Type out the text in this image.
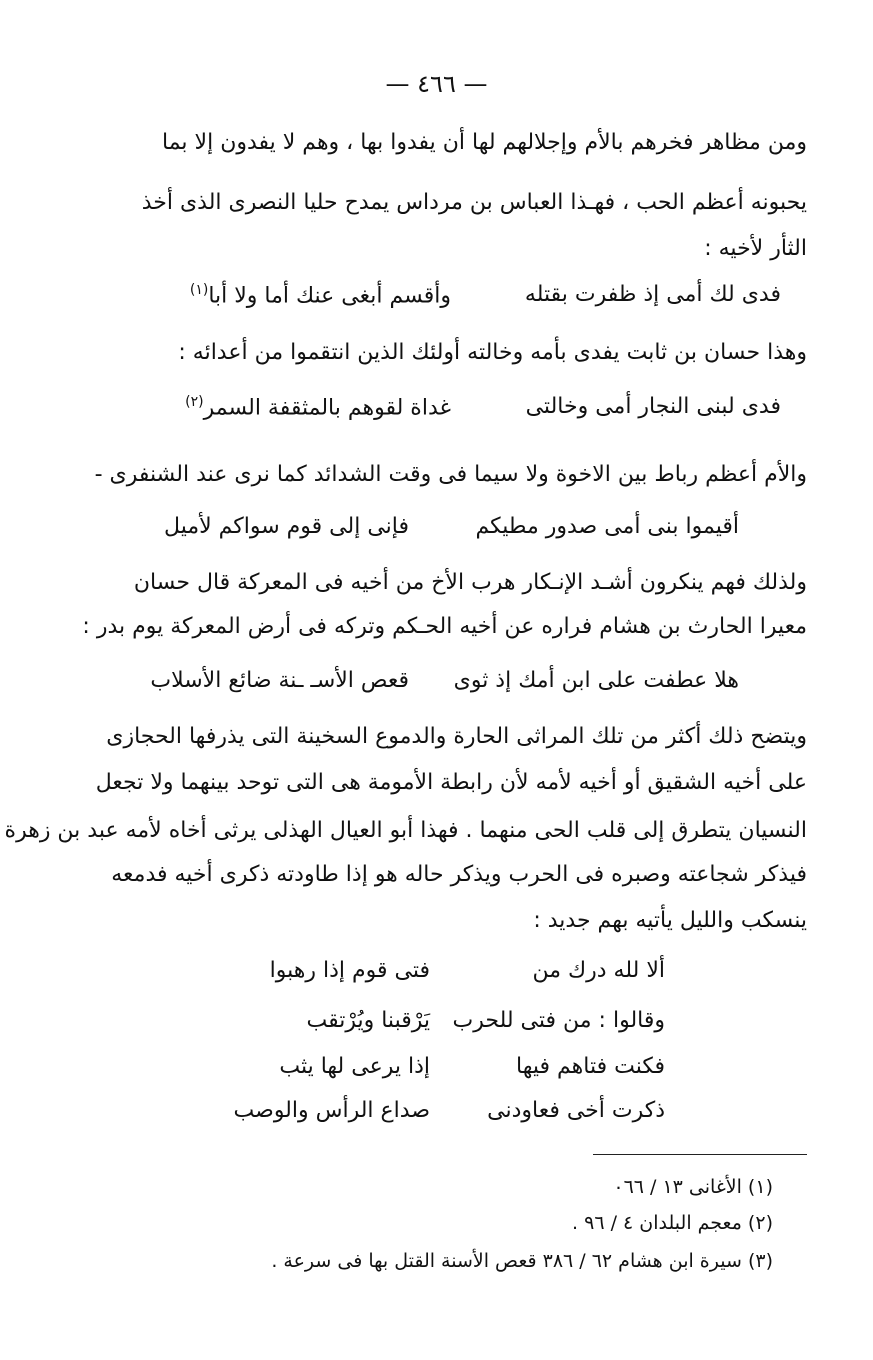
— ٤٦٦ —
ومن مظاهر فخرهم بالأم وإجلالهم لها أن يفدوا بها ، وهم لا يفدون إلا بما
يحبونه أعظم الحب ، فهـذا العباس بن مرداس يمدح حليا النصرى الذى أخذ
الثأر لأخيه :
فدى لك أمى إذ ظفرت بقتله
وأقسم أبغى عنك أما ولا أبا$^{(١)}$
وهذا حسان بن ثابت يفدى بأمه وخالته أولئك الذين انتقموا من أعدائه :
فدى لبنى النجار أمى وخالتى
غداة لقوهم بالمثقفة السمر$^{(٢)}$
والأم أعظم رباط بين الاخوة ولا سيما فى وقت الشدائد كما نرى عند الشنفرى -
أقيموا بنى أمى صدور مطيكم
فإنى إلى قوم سواكم لأميل
ولذلك فهم ينكرون أشـد الإنـكار هرب الأخ من أخيه فى المعركة قال حسان
معيرا الحارث بن هشام فراره عن أخيه الحـكم وتركه فى أرض المعركة يوم بدر :
هلا عطفت على ابن أمك إذ ثوى
قعص الأسـ ـنة ضائع الأسلاب
ويتضح ذلك أكثر من تلك المراثى الحارة والدموع السخينة التى يذرفها الحجازى
على أخيه الشقيق أو أخيه لأمه لأن رابطة الأمومة هى التى توحد بينهما ولا تجعل
النسيان يتطرق إلى قلب الحى منهما . فهذا أبو العيال الهذلى يرثى أخاه لأمه عبد بن زهرة
فيذكر شجاعته وصبره فى الحرب ويذكر حاله هو إذا طاودته ذكرى أخيه فدمعه
ينسكب والليل يأتيه بهم جديد :
ألا لله درك من
فتى قوم إذا رهبوا
وقالوا : من فتى للحرب
يَرْقبنا ويُرْتقب
فكنت فتاهم فيها
إذا يرعى لها يثب
ذكرت أخى فعاودنى
صداع الرأس والوصب
(١) الأغانى ١٣ / ٠٦٦
(٢) معجم البلدان ٤ / ٩٦ .
(٣) سيرة ابن هشام ٦٢ / ٣٨٦ قعص الأسنة القتل بها فى سرعة .
